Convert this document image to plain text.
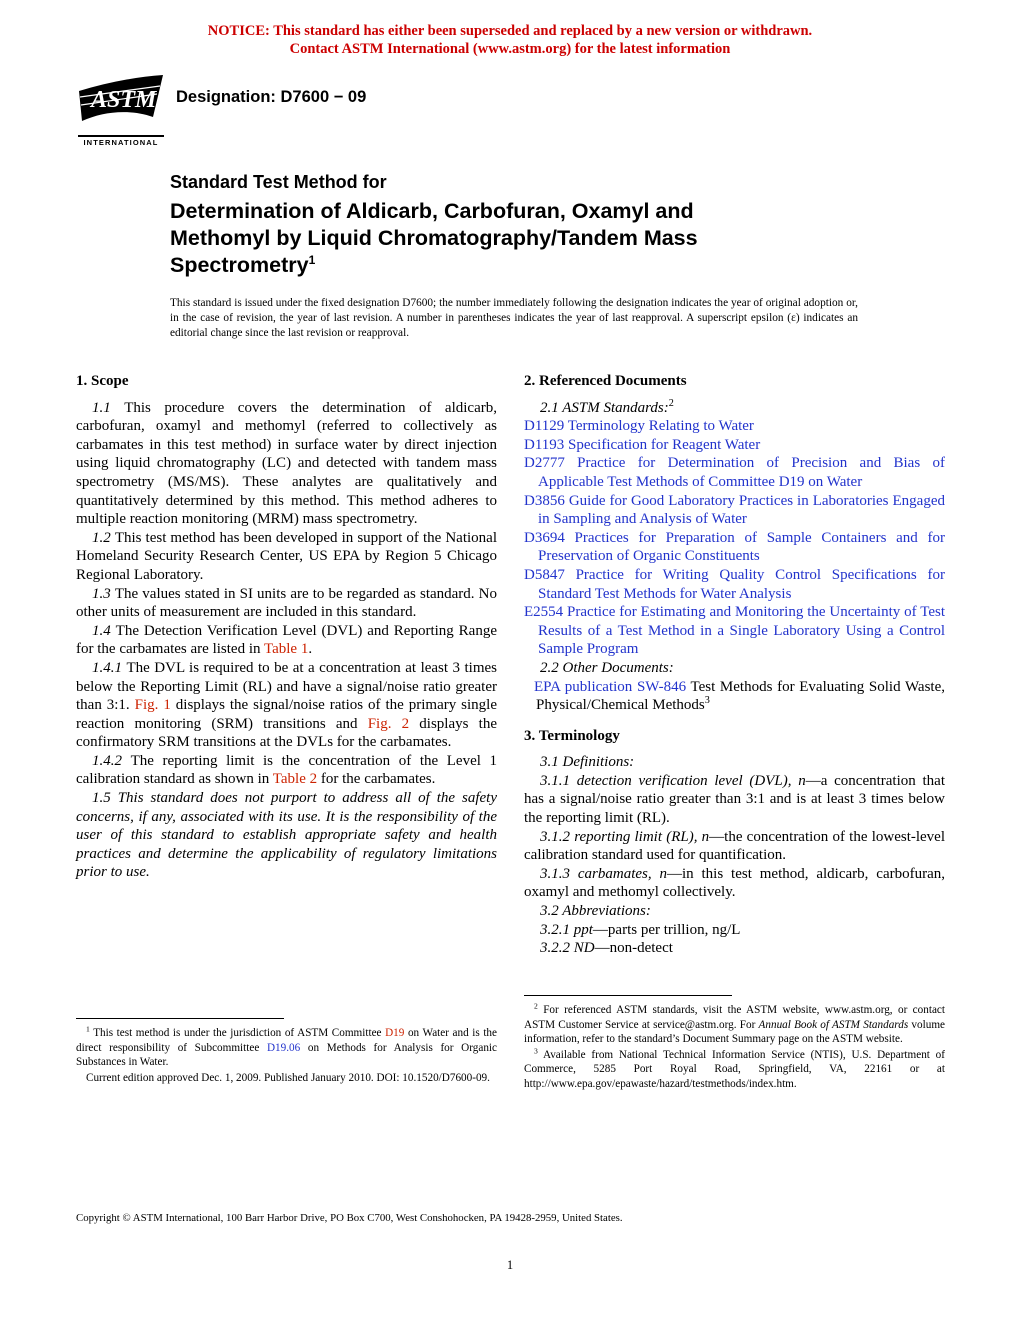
NOTICE: This standard has either been superseded and replaced by a new version or withdrawn.
Contact ASTM International (www.astm.org) for the latest information
ASTM
INTERNATIONAL
Designation: D7600 − 09
Standard Test Method for
Determination of Aldicarb, Carbofuran, Oxamyl and Methomyl by Liquid Chromatography/Tandem Mass Spectrometry$^1$
This standard is issued under the fixed designation D7600; the number immediately following the designation indicates the year of original adoption or, in the case of revision, the year of last revision. A number in parentheses indicates the year of last reapproval. A superscript epsilon (ε) indicates an editorial change since the last revision or reapproval.
1. Scope

1.1 This procedure covers the determination of aldicarb, carbofuran, oxamyl and methomyl (referred to collectively as carbamates in this test method) in surface water by direct injection using liquid chromatography (LC) and detected with tandem mass spectrometry (MS/MS). These analytes are qualitatively and quantitatively determined by this method. This method adheres to multiple reaction monitoring (MRM) mass spectrometry.

1.2 This test method has been developed in support of the National Homeland Security Research Center, US EPA by Region 5 Chicago Regional Laboratory.

1.3 The values stated in SI units are to be regarded as standard. No other units of measurement are included in this standard.

1.4 The Detection Verification Level (DVL) and Reporting Range for the carbamates are listed in Table 1.

1.4.1 The DVL is required to be at a concentration at least 3 times below the Reporting Limit (RL) and have a signal/noise ratio greater than 3:1. Fig. 1 displays the signal/noise ratios of the primary single reaction monitoring (SRM) transitions and Fig. 2 displays the confirmatory SRM transitions at the DVLs for the carbamates.

1.4.2 The reporting limit is the concentration of the Level 1 calibration standard as shown in Table 2 for the carbamates.

1.5 This standard does not purport to address all of the safety concerns, if any, associated with its use. It is the responsibility of the user of this standard to establish appropriate safety and health practices and determine the applicability of regulatory limitations prior to use.

2. Referenced Documents

2.1 ASTM Standards:$^2$

D1129 Terminology Relating to Water
D1193 Specification for Reagent Water
D2777 Practice for Determination of Precision and Bias of Applicable Test Methods of Committee D19 on Water
D3856 Guide for Good Laboratory Practices in Laboratories Engaged in Sampling and Analysis of Water
D3694 Practices for Preparation of Sample Containers and for Preservation of Organic Constituents
D5847 Practice for Writing Quality Control Specifications for Standard Test Methods for Water Analysis
E2554 Practice for Estimating and Monitoring the Uncertainty of Test Results of a Test Method in a Single Laboratory Using a Control Sample Program

2.2 Other Documents:

EPA publication SW-846 Test Methods for Evaluating Solid Waste, Physical/Chemical Methods$^3$

3. Terminology

3.1 Definitions:

3.1.1 detection verification level (DVL), n—a concentration that has a signal/noise ratio greater than 3:1 and is at least 3 times below the reporting limit (RL).

3.1.2 reporting limit (RL), n—the concentration of the lowest-level calibration standard used for quantification.

3.1.3 carbamates, n—in this test method, aldicarb, carbofuran, oxamyl and methomyl collectively.

3.2 Abbreviations:

3.2.1 ppt—parts per trillion, ng/L

3.2.2 ND—non-detect

$^1$ This test method is under the jurisdiction of ASTM Committee D19 on Water and is the direct responsibility of Subcommittee D19.06 on Methods for Analysis for Organic Substances in Water.

Current edition approved Dec. 1, 2009. Published January 2010. DOI: 10.1520/D7600-09.

$^2$ For referenced ASTM standards, visit the ASTM website, www.astm.org, or contact ASTM Customer Service at service@astm.org. For Annual Book of ASTM Standards volume information, refer to the standard’s Document Summary page on the ASTM website.

$^3$ Available from National Technical Information Service (NTIS), U.S. Department of Commerce, 5285 Port Royal Road, Springfield, VA, 22161 or at http://www.epa.gov/epawaste/hazard/testmethods/index.htm.

Copyright © ASTM International, 100 Barr Harbor Drive, PO Box C700, West Conshohocken, PA 19428-2959, United States.
1
